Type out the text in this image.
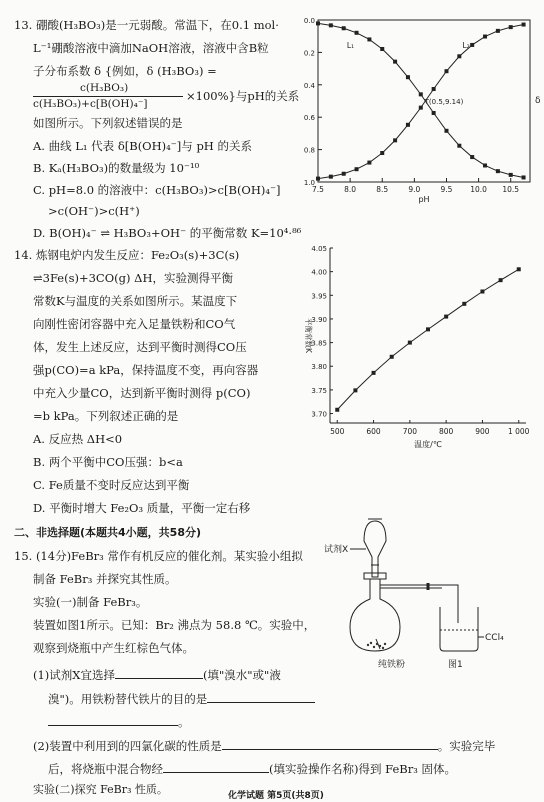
13. 硼酸(H₃BO₃)是一元弱酸。常温下，在0.1 mol·
L⁻¹硼酸溶液中滴加NaOH溶液，溶液中含B粒
子分布系数 δ {例如，δ (H₃BO₃) =
c(H₃BO₃)
c(H₃BO₃)+c[B(OH)₄⁻]
×100%}与pH的关系
如图所示。下列叙述错误的是
A. 曲线 L₁ 代表 δ[B(OH)₄⁻]与 pH 的关系
B. Kₐ(H₃BO₃)的数量级为 10⁻¹⁰
C. pH=8.0 的溶液中：c(H₃BO₃)>c[B(OH)₄⁻]
>c(OH⁻)>c(H⁺)
D. B(OH)₄⁻ ⇌ H₃BO₃+OH⁻ 的平衡常数 K=10⁴·⁸⁶
0.0
0.2
0.4
0.6
0.8
1.0
7.5	8.0	8.5	9.0	9.5 10.0 10.5
pH
δ
L₁	L₂
T(0.5,9.14)
14. 炼钢电炉内发生反应：Fe₂O₃(s)+3C(s)
⇌3Fe(s)+3CO(g) ΔH，实验测得平衡
常数K与温度的关系如图所示。某温度下
向刚性密闭容器中充入足量铁粉和CO气
体，发生上述反应，达到平衡时测得CO压
强p(CO)=a kPa，保持温度不变，再向容器
中充入少量CO，达到新平衡时测得 p(CO)
=b kPa。下列叙述正确的是
A. 反应热 ΔH<0
B. 两个平衡中CO压强：b<a
C. Fe质量不变时反应达到平衡
D. 平衡时增大 Fe₂O₃ 质量，平衡一定右移
3.70
3.75
3.80
3.85
3.90
3.95
4.00
4.05
500	600	700	800	900 1 000
温度/℃
平衡常数K
二、非选择题(本题共4小题，共58分)
15. (14分)FeBr₃ 常作有机反应的催化剂。某实验小组拟
制备 FeBr₃ 并探究其性质。
实验(一)制备 FeBr₃。
装置如图1所示。已知：Br₂ 沸点为 58.8 ℃。实验中，
观察到烧瓶中产生红棕色气体。
(1)试剂X宜选择	(填"溴水"或"液
溴")。用铁粉替代铁片的目的是
。
(2)装置中利用到的四氯化碳的性质是	。实验完毕
后，将烧瓶中混合物经	(填实验操作名称)得到 FeBr₃ 固体。
实验(二)探究 FeBr₃ 性质。	化学试题 第5页(共8页)
试剂X
纯铁粉
CCl₄
图1
